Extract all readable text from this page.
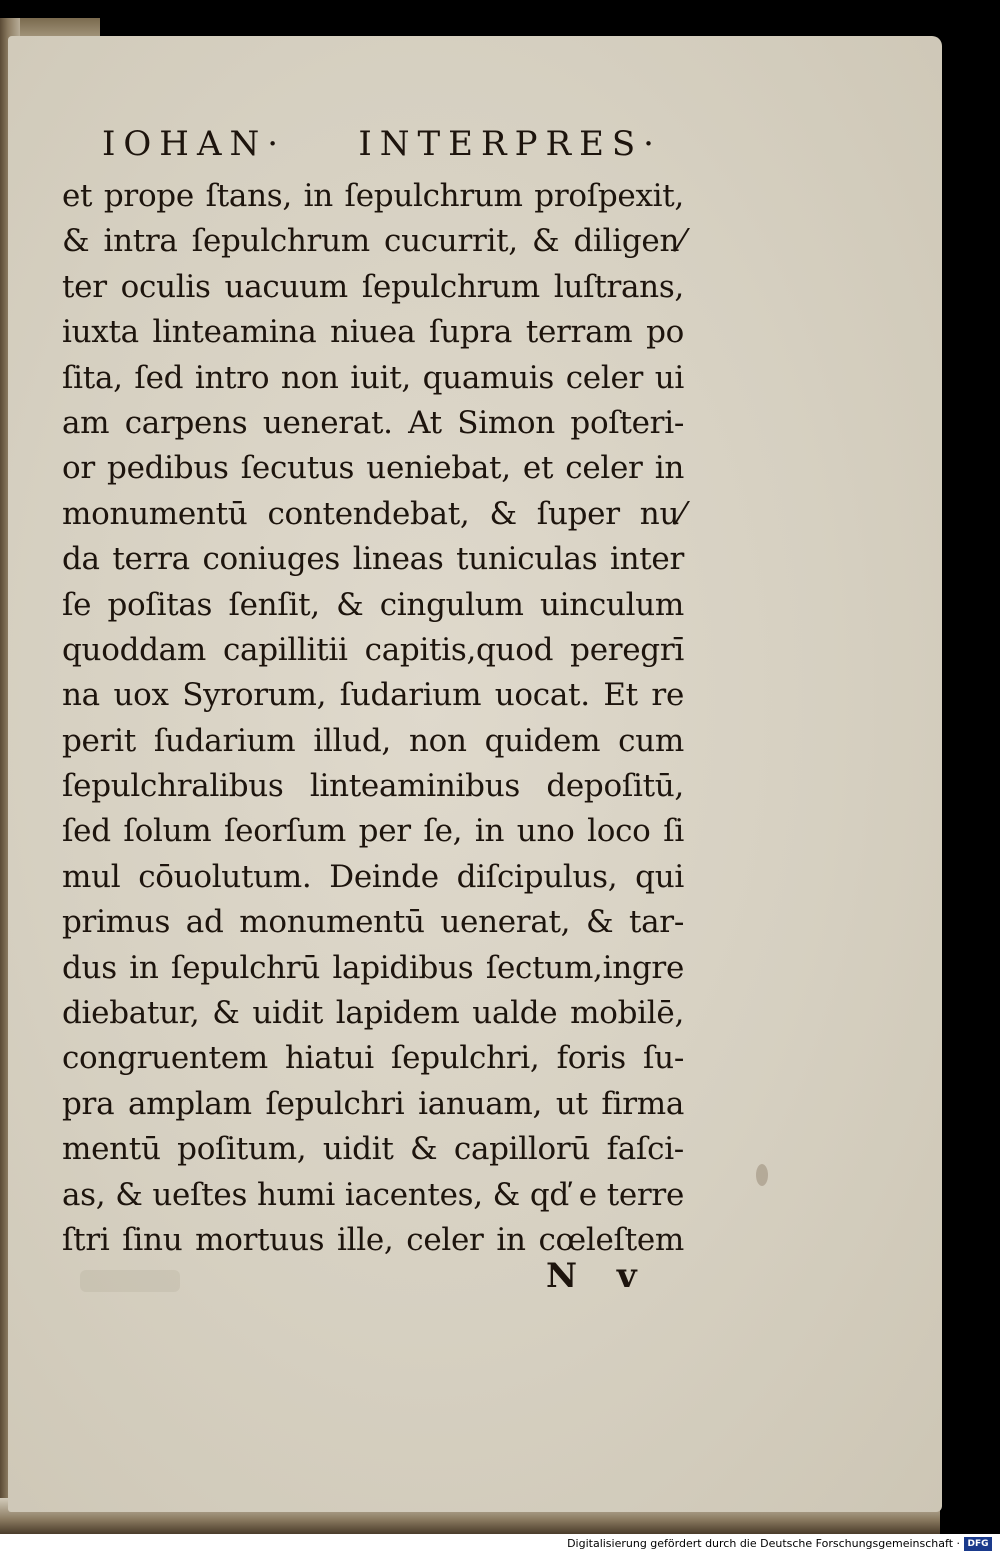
IOHAN· INTERPRES·
et prope ſtans, in ſepulchrum proſpexit,
& intra ſepulchrum cucurrit, & diligen⁄
ter oculis uacuum ſepulchrum luſtrans,
iuxta linteamina niuea ſupra terram po
ſita, ſed intro non iuit, quamuis celer ui
am carpens uenerat. At Simon poſteri-
or pedibus ſecutus ueniebat, et celer in
monumentū contendebat, & ſuper nu⁄
da terra coniuges lineas tuniculas inter
ſe poſitas ſenſit, & cingulum uinculum
quoddam capillitii capitis,quod peregrī
na uox Syrorum, ſudarium uocat. Et re
perit ſudarium illud, non quidem cum
ſepulchralibus linteaminibus depoſitū,
ſed ſolum ſeorſum per ſe, in uno loco ſi
mul cōuolutum. Deinde diſcipulus, qui
primus ad monumentū uenerat, & tar-
dus in ſepulchrū lapidibus ſectum,ingre
diebatur, & uidit lapidem ualde mobilē,
congruentem hiatui ſepulchri, foris ſu-
pra amplam ſepulchri ianuam, ut firma
mentū poſitum, uidit & capillorū faſci-
as, & ueſtes humi iacentes, & qď e terre
ſtri ſinu mortuus ille, celer in cœleſtem
N v
Digitalisierung gefördert durch die Deutsche Forschungsgemeinschaft · DFG
